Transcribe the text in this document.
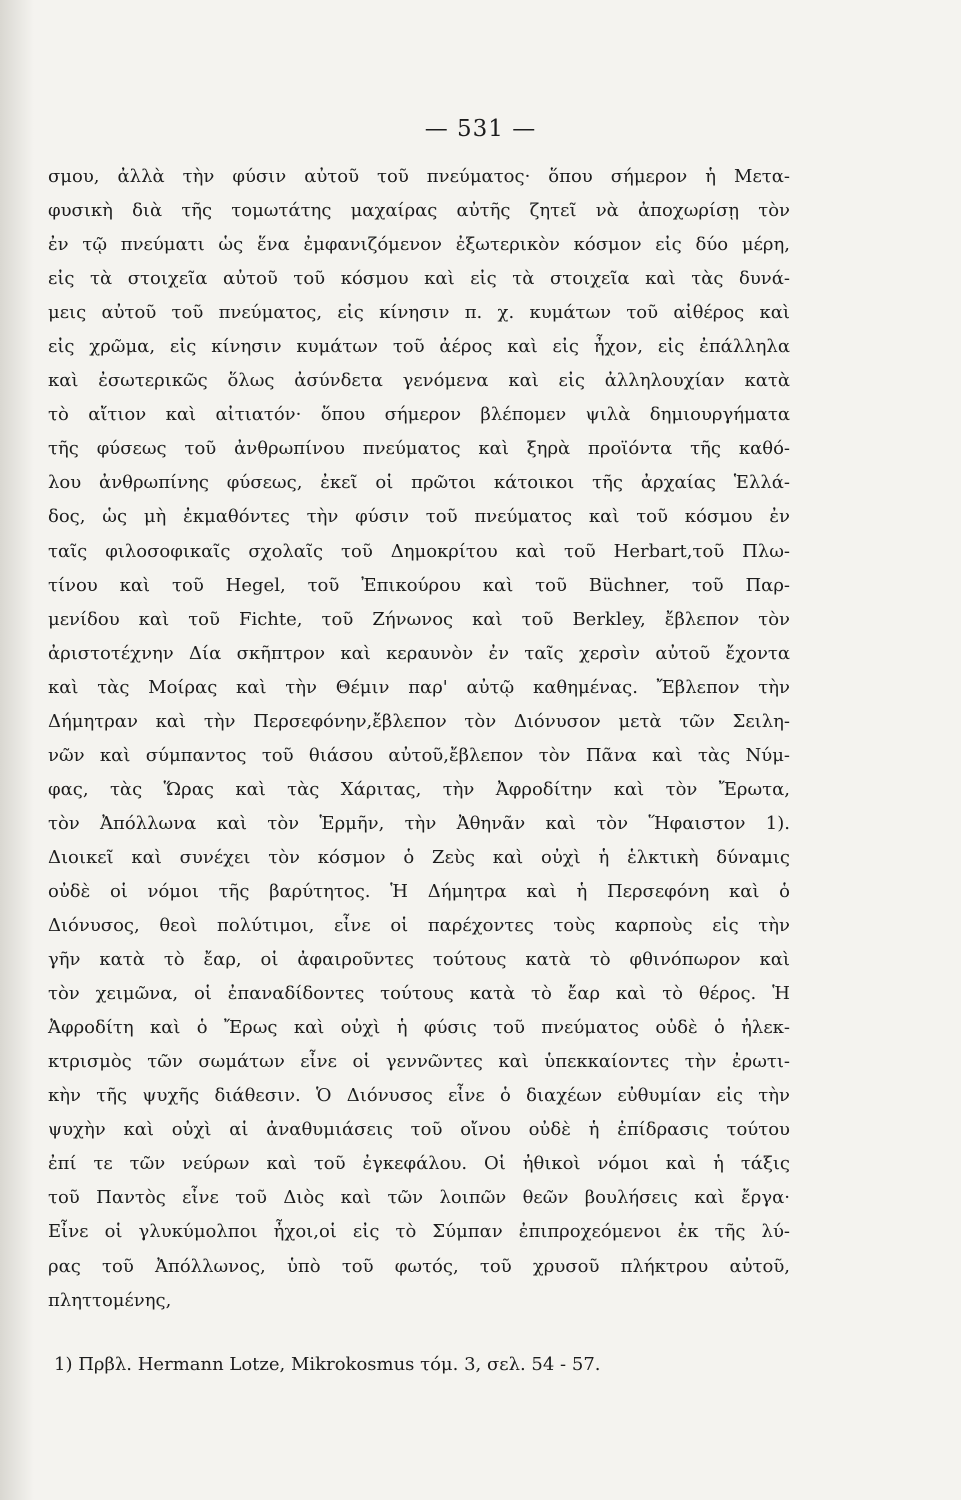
— 531 —
σμου, ἀλλὰ τὴν φύσιν αὐτοῦ τοῦ πνεύματος· ὅπου σήμερον ἡ Μετα-
φυσικὴ διὰ τῆς τομωτάτης μαχαίρας αὐτῆς ζητεῖ νὰ ἀποχωρίσῃ τὸν
ἐν τῷ πνεύματι ὡς ἕνα ἐμφανιζόμενον ἐξωτερικὸν κόσμον εἰς δύο μέρη,
εἰς τὰ στοιχεῖα αὐτοῦ τοῦ κόσμου καὶ εἰς τὰ στοιχεῖα καὶ τὰς δυνά-
μεις αὐτοῦ τοῦ πνεύματος, εἰς κίνησιν π. χ. κυμάτων τοῦ αἰθέρος καὶ
εἰς χρῶμα, εἰς κίνησιν κυμάτων τοῦ ἀέρος καὶ εἰς ἦχον, εἰς ἐπάλληλα
καὶ ἐσωτερικῶς ὅλως ἀσύνδετα γενόμενα καὶ εἰς ἀλληλουχίαν κατὰ
τὸ αἴτιον καὶ αἰτιατόν· ὅπου σήμερον βλέπομεν ψιλὰ δημιουργήματα
τῆς φύσεως τοῦ ἀνθρωπίνου πνεύματος καὶ ξηρὰ προϊόντα τῆς καθό-
λου ἀνθρωπίνης φύσεως, ἐκεῖ οἱ πρῶτοι κάτοικοι τῆς ἀρχαίας Ἑλλά-
δος, ὡς μὴ ἐκμαθόντες τὴν φύσιν τοῦ πνεύματος καὶ τοῦ κόσμου ἐν
ταῖς φιλοσοφικαῖς σχολαῖς τοῦ Δημοκρίτου καὶ τοῦ Herbart,τοῦ Πλω-
τίνου καὶ τοῦ Hegel, τοῦ Ἐπικούρου καὶ τοῦ Büchner, τοῦ Παρ-
μενίδου καὶ τοῦ Fichte, τοῦ Ζήνωνος καὶ τοῦ Berkley, ἔβλεπον τὸν
ἀριστοτέχνην Δία σκῆπτρον καὶ κεραυνὸν ἐν ταῖς χερσὶν αὐτοῦ ἔχοντα
καὶ τὰς Μοίρας καὶ τὴν Θέμιν παρ' αὐτῷ καθημένας. Ἔβλεπον τὴν
Δήμητραν καὶ τὴν Περσεφόνην,ἔβλεπον τὸν Διόνυσον μετὰ τῶν Σειλη-
νῶν καὶ σύμπαντος τοῦ θιάσου αὐτοῦ,ἔβλεπον τὸν Πᾶνα καὶ τὰς Νύμ-
φας, τὰς Ὥρας καὶ τὰς Χάριτας, τὴν Ἀφροδίτην καὶ τὸν Ἔρωτα,
τὸν Ἀπόλλωνα καὶ τὸν Ἑρμῆν, τὴν Ἀθηνᾶν καὶ τὸν Ἥφαιστον 1).
Διοικεῖ καὶ συνέχει τὸν κόσμον ὁ Ζεὺς καὶ οὐχὶ ἡ ἑλκτικὴ δύναμις
οὐδὲ οἱ νόμοι τῆς βαρύτητος. Ἡ Δήμητρα καὶ ἡ Περσεφόνη καὶ ὁ
Διόνυσος, θεοὶ πολύτιμοι, εἶνε οἱ παρέχοντες τοὺς καρποὺς εἰς τὴν
γῆν κατὰ τὸ ἔαρ, οἱ ἀφαιροῦντες τούτους κατὰ τὸ φθινόπωρον καὶ
τὸν χειμῶνα, οἱ ἐπαναδίδοντες τούτους κατὰ τὸ ἔαρ καὶ τὸ θέρος. Ἡ
Ἀφροδίτη καὶ ὁ Ἔρως καὶ οὐχὶ ἡ φύσις τοῦ πνεύματος οὐδὲ ὁ ἠλεκ-
κτρισμὸς τῶν σωμάτων εἶνε οἱ γεννῶντες καὶ ὑπεκκαίοντες τὴν ἐρωτι-
κὴν τῆς ψυχῆς διάθεσιν. Ὁ Διόνυσος εἶνε ὁ διαχέων εὐθυμίαν εἰς τὴν
ψυχὴν καὶ οὐχὶ αἱ ἀναθυμιάσεις τοῦ οἴνου οὐδὲ ἡ ἐπίδρασις τούτου
ἐπί τε τῶν νεύρων καὶ τοῦ ἐγκεφάλου. Οἱ ἠθικοὶ νόμοι καὶ ἡ τάξις
τοῦ Παντὸς εἶνε τοῦ Διὸς καὶ τῶν λοιπῶν θεῶν βουλήσεις καὶ ἔργα·
Εἶνε οἱ γλυκύμολποι ἦχοι,οἱ εἰς τὸ Σύμπαν ἐπιπροχεόμενοι ἐκ τῆς λύ-
ρας τοῦ Ἀπόλλωνος, ὑπὸ τοῦ φωτός, τοῦ χρυσοῦ πλήκτρου αὐτοῦ,
πληττομένης,
1) Πρβλ. Hermann Lotze, Mikrokosmus τόμ. 3, σελ. 54 - 57.
